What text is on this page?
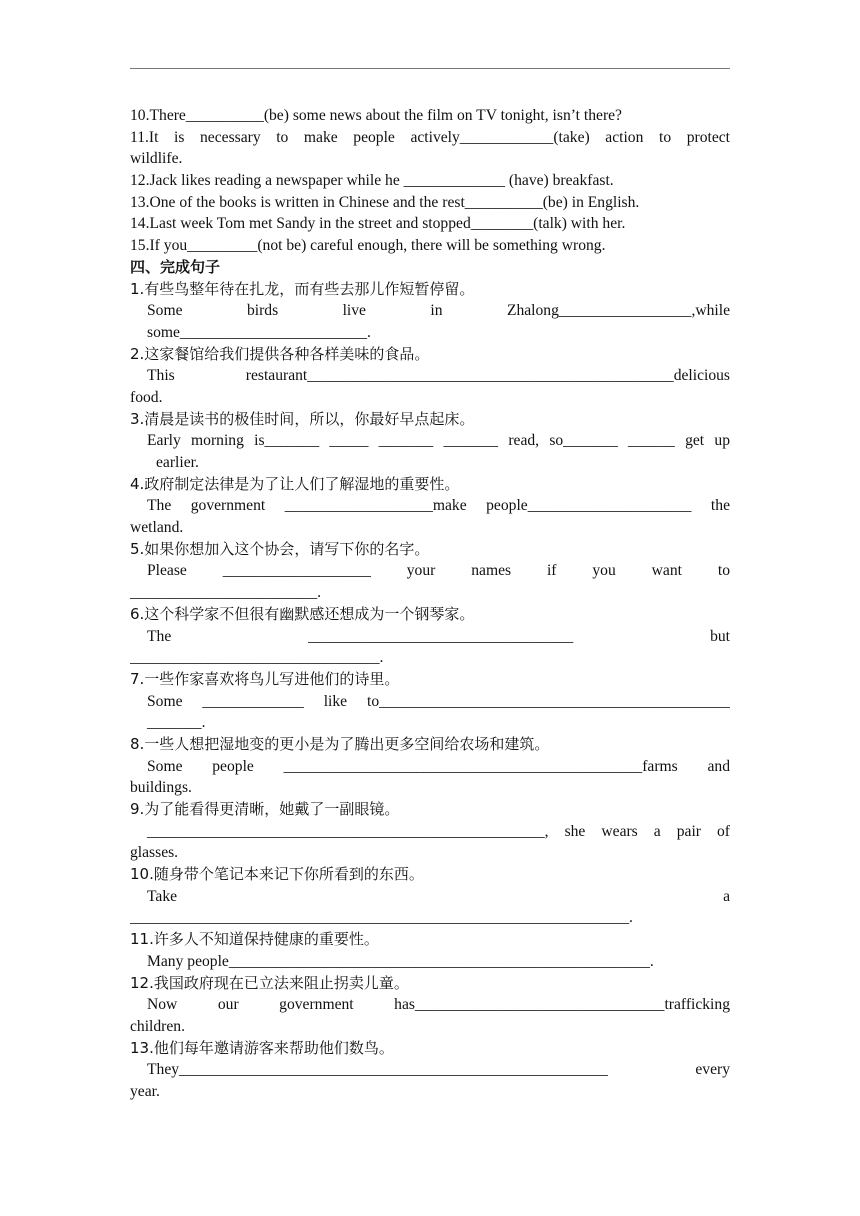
10.There__________(be) some news about the film on TV tonight, isn’t there?
11.It is necessary to make people actively____________(take) action to protect
wildlife.
12.Jack likes reading a newspaper while he _____________ (have) breakfast.
13.One of the books is written in Chinese and the rest__________(be) in English.
14.Last week Tom met Sandy in the street and stopped________(talk) with her.
15.If you_________(not be) careful enough, there will be something wrong.
四、完成句子
1.有些鸟整年待在扎龙，而有些去那儿作短暂停留。
Some birds live in Zhalong_________________,while
some________________________.
2.这家餐馆给我们提供各种各样美味的食品。
This restaurant_______________________________________________delicious
food.
3.清晨是读书的极佳时间，所以，你最好早点起床。
Early morning is_______ _____ _______ _______ read, so_______ ______ get up
earlier.
4.政府制定法律是为了让人们了解湿地的重要性。
The government ___________________make people_____________________ the
wetland.
5.如果你想加入这个协会，请写下你的名字。
Please ___________________ your names if you want to
________________________.
6.这个科学家不但很有幽默感还想成为一个钢琴家。
The __________________________________ but
________________________________.
7.一些作家喜欢将鸟儿写进他们的诗里。
Some _____________ like to_____________________________________________
_______.
8.一些人想把湿地变的更小是为了腾出更多空间给农场和建筑。
Some people ______________________________________________farms and
buildings.
9.为了能看得更清晰，她戴了一副眼镜。
___________________________________________________, she wears a pair of
glasses.
10.随身带个笔记本来记下你所看到的东西。
Take a
________________________________________________________________.
11.许多人不知道保持健康的重要性。
Many people______________________________________________________.
12.我国政府现在已立法来阻止拐卖儿童。
Now our government has________________________________trafficking
children.
13.他们每年邀请游客来帮助他们数鸟。
They_______________________________________________________ every
year.
